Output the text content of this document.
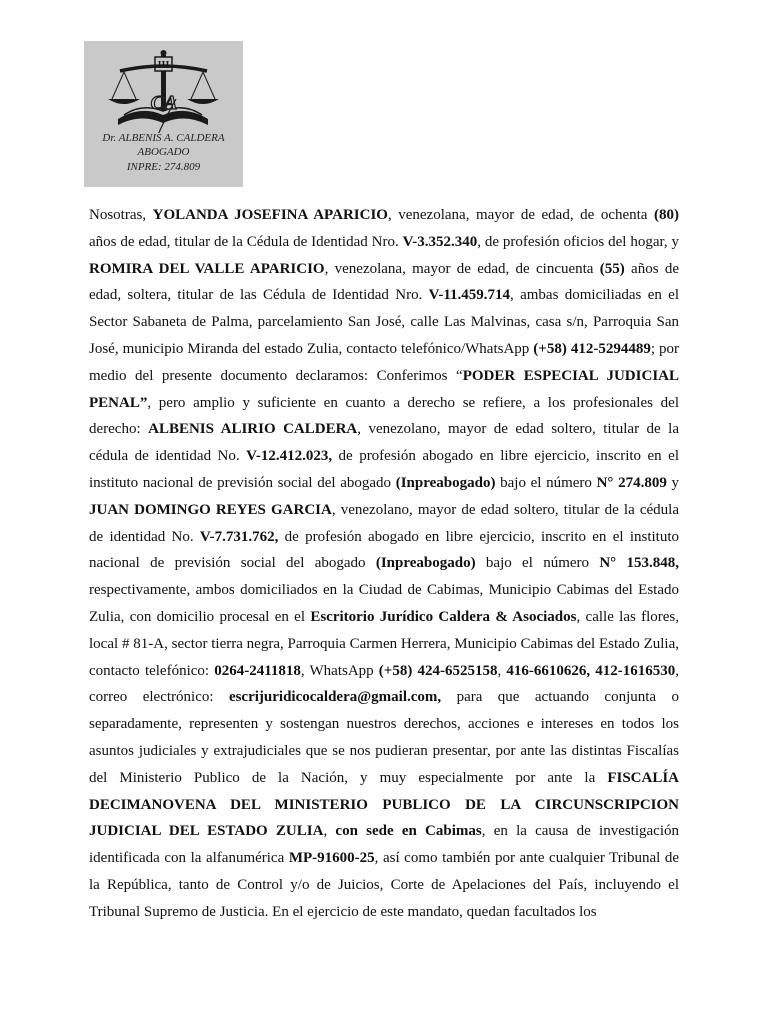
III
CA
Dr. ALBENIS A. CALDERA
ABOGADO
INPRE: 274.809

Nosotras, YOLANDA JOSEFINA APARICIO, venezolana, mayor de edad, de ochenta (80) años de edad, titular de la Cédula de Identidad Nro. V-3.352.340, de profesión oficios del hogar, y ROMIRA DEL VALLE APARICIO, venezolana, mayor de edad, de cincuenta (55) años de edad, soltera, titular de las Cédula de Identidad Nro. V-11.459.714, ambas domiciliadas en el Sector Sabaneta de Palma, parcelamiento San José, calle Las Malvinas, casa s/n, Parroquia San José, municipio Miranda del estado Zulia, contacto telefónico/WhatsApp (+58) 412-5294489; por medio del presente documento declaramos: Conferimos “PODER ESPECIAL JUDICIAL PENAL”, pero amplio y suficiente en cuanto a derecho se refiere, a los profesionales del derecho: ALBENIS ALIRIO CALDERA, venezolano, mayor de edad soltero, titular de la cédula de identidad No. V-12.412.023, de profesión abogado en libre ejercicio, inscrito en el instituto nacional de previsión social del abogado (Inpreabogado) bajo el número N° 274.809 y JUAN DOMINGO REYES GARCIA, venezolano, mayor de edad soltero, titular de la cédula de identidad No. V-7.731.762, de profesión abogado en libre ejercicio, inscrito en el instituto nacional de previsión social del abogado (Inpreabogado) bajo el número N° 153.848, respectivamente, ambos domiciliados en la Ciudad de Cabimas, Municipio Cabimas del Estado Zulia, con domicilio procesal en el Escritorio Jurídico Caldera & Asociados, calle las flores, local # 81-A, sector tierra negra, Parroquia Carmen Herrera, Municipio Cabimas del Estado Zulia, contacto telefónico: 0264-2411818, WhatsApp (+58) 424-6525158, 416-6610626, 412-1616530, correo electrónico: escrijuridicocaldera@gmail.com, para que actuando conjunta o separadamente, representen y sostengan nuestros derechos, acciones e intereses en todos los asuntos judiciales y extrajudiciales que se nos pudieran presentar, por ante las distintas Fiscalías del Ministerio Publico de la Nación, y muy especialmente por ante la FISCALÍA DECIMANOVENA DEL MINISTERIO PUBLICO DE LA CIRCUNSCRIPCION JUDICIAL DEL ESTADO ZULIA, con sede en Cabimas, en la causa de investigación identificada con la alfanumérica MP-91600-25, así como también por ante cualquier Tribunal de la República, tanto de Control y/o de Juicios, Corte de Apelaciones del País, incluyendo el Tribunal Supremo de Justicia. En el ejercicio de este mandato, quedan facultados los
